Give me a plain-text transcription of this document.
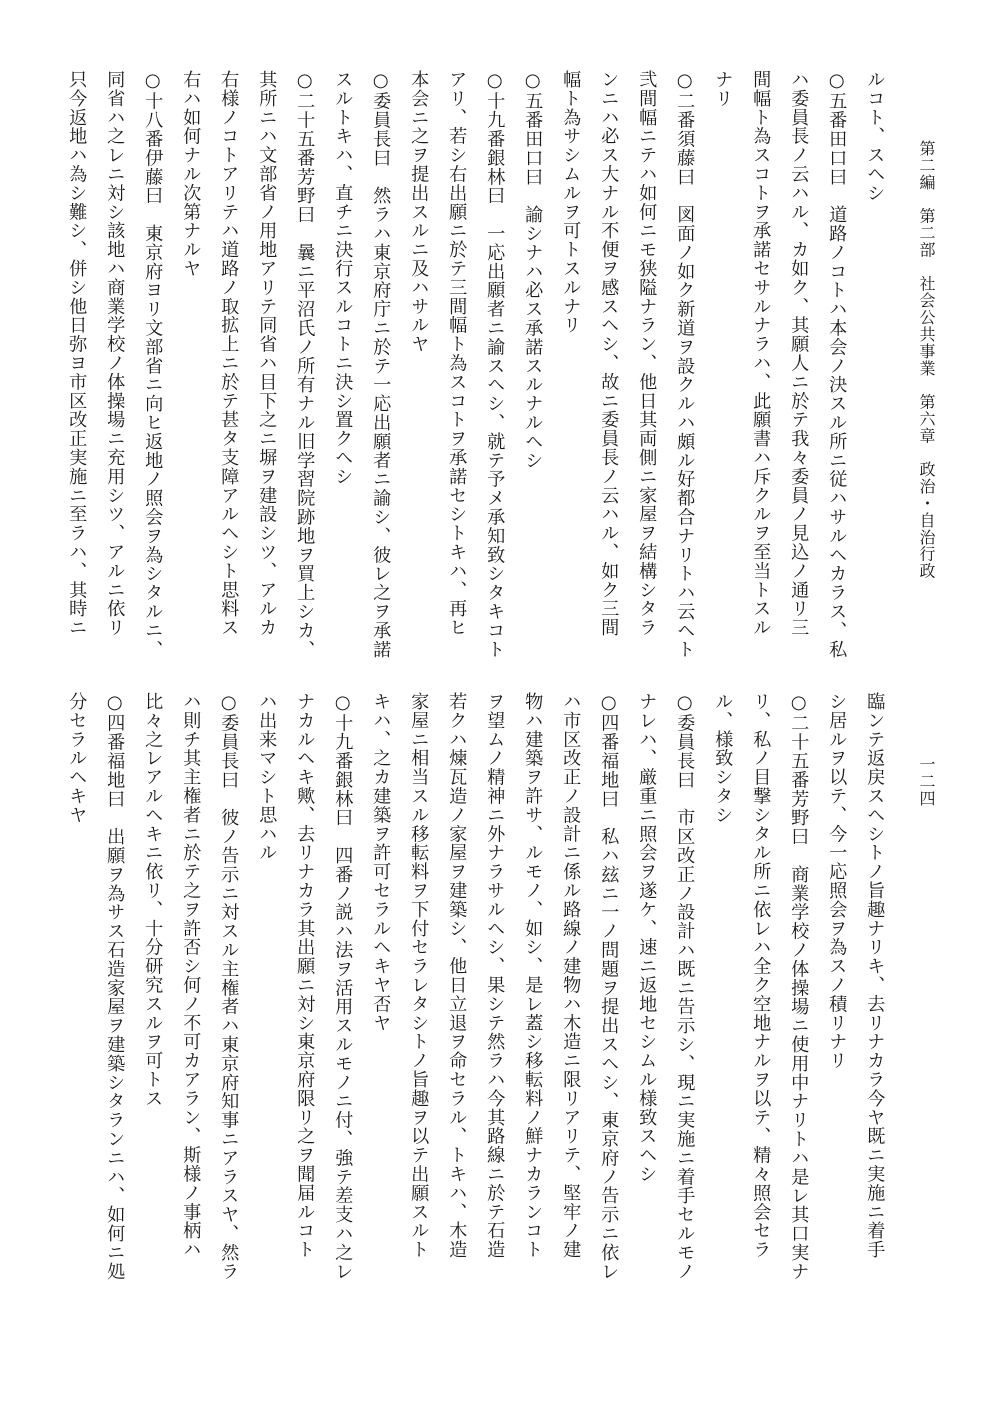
第二編　第二部　社会公共事業　第六章　政治・自治行政
一二四
ルコト、スヘシ
○五番田口曰　道路ノコトハ本会ノ決スル所ニ従ハサルヘカラス、私
ハ委員長ノ云ハル、カ如ク、其願人ニ於テ我々委員ノ見込ノ通リ三
間幅ト為スコトヲ承諾セサルナラハ、此願書ハ斥クルヲ至当トスル
ナリ
○二番須藤曰　図面ノ如ク新道ヲ設クルハ頗ル好都合ナリトハ云ヘト
弐間幅ニテハ如何ニモ狭隘ナラン、他日其両側ニ家屋ヲ結構シタラ
ンニハ必ス大ナル不便ヲ感スヘシ、故ニ委員長ノ云ハル、如ク三間
幅ト為サシムルヲ可トスルナリ
○五番田口曰　諭シナハ必ス承諾スルナルヘシ
○十九番銀林曰　一応出願者ニ諭スヘシ、就テ予メ承知致シタキコト
アリ、若シ右出願ニ於テ三間幅ト為スコトヲ承諾セシトキハ、再ヒ
本会ニ之ヲ提出スルニ及ハサルヤ
○委員長曰　然ラハ東京府庁ニ於テ一応出願者ニ諭シ、彼レ之ヲ承諾
スルトキハ、直チニ決行スルコトニ決シ置クヘシ
○二十五番芳野曰　曩ニ平沼氏ノ所有ナル旧学習院跡地ヲ買上シカ、
其所ニハ文部省ノ用地アリテ同省ハ目下之ニ塀ヲ建設シツ、アルカ
右様ノコトアリテハ道路ノ取拡上ニ於テ甚タ支障アルヘシト思料ス
右ハ如何ナル次第ナルヤ
○十八番伊藤曰　東京府ヨリ文部省ニ向ヒ返地ノ照会ヲ為シタルニ、
同省ハ之レニ対シ該地ハ商業学校ノ体操場ニ充用シツ、アルニ依リ
只今返地ハ為シ難シ、併シ他日弥ヨ市区改正実施ニ至ラハ、其時ニ
臨ンテ返戻スヘシトノ旨趣ナリキ、去リナカラ今ヤ既ニ実施ニ着手
シ居ルヲ以テ、今一応照会ヲ為スノ積リナリ
○二十五番芳野曰　商業学校ノ体操場ニ使用中ナリトハ是レ其口実ナ
リ、私ノ目撃シタル所ニ依レハ全ク空地ナルヲ以テ、精々照会セラ
ル、様致シタシ
○委員長曰　市区改正ノ設計ハ既ニ告示シ、現ニ実施ニ着手セルモノ
ナレハ、厳重ニ照会ヲ遂ケ、速ニ返地セシムル様致スヘシ
○四番福地曰　私ハ玆ニ一ノ問題ヲ提出スヘシ、東京府ノ告示ニ依レ
ハ市区改正ノ設計ニ係ル路線ノ建物ハ木造ニ限リアリテ、堅牢ノ建
物ハ建築ヲ許サ、ルモノ、如シ、是レ蓋シ移転料ノ鮮ナカランコト
ヲ望ムノ精神ニ外ナラサルヘシ、果シテ然ラハ今其路線ニ於テ石造
若クハ煉瓦造ノ家屋ヲ建築シ、他日立退ヲ命セラル、トキハ、木造
家屋ニ相当スル移転料ヲ下付セラレタシトノ旨趣ヲ以テ出願スルト
キハ、之カ建築ヲ許可セラルヘキヤ否ヤ
○十九番銀林曰　四番ノ説ハ法ヲ活用スルモノニ付、強テ差支ハ之レ
ナカルヘキ歟、去リナカラ其出願ニ対シ東京府限リ之ヲ聞届ルコト
ハ出来マシト思ハル
○委員長曰　彼ノ告示ニ対スル主権者ハ東京府知事ニアラスヤ、然ラ
ハ則チ其主権者ニ於テ之ヲ許否シ何ノ不可カアラン、斯様ノ事柄ハ
比々之レアルヘキニ依リ、十分研究スルヲ可トス
○四番福地曰　出願ヲ為サス石造家屋ヲ建築シタランニハ、如何ニ処
分セラルヘキヤ
